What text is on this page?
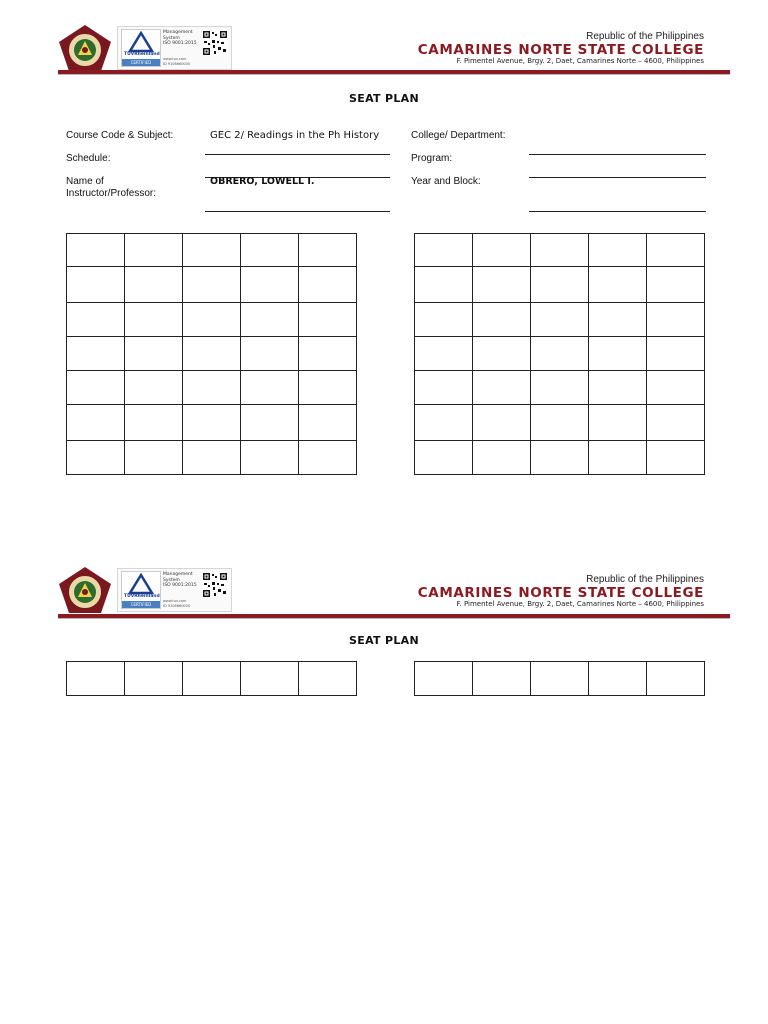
TÜVRheinland
CERTIFIED
Management
System
ISO 9001:2015
www.tuv.com
ID 9108660000
Republic of the Philippines
CAMARINES NORTE STATE COLLEGE
F. Pimentel Avenue, Brgy. 2, Daet, Camarines Norte – 4600, Philippines
SEAT PLAN
Course Code & Subject:	GEC 2/ Readings in the Ph History
Schedule:
Name of
Instructor/Professor:
OBRERO, LOWELL I.
College/ Department:
Program:
Year and Block:

TÜVRheinland
CERTIFIED
Management
System
ISO 9001:2015
www.tuv.com
ID 9108660000
Republic of the Philippines
CAMARINES NORTE STATE COLLEGE
F. Pimentel Avenue, Brgy. 2, Daet, Camarines Norte – 4600, Philippines
SEAT PLAN
